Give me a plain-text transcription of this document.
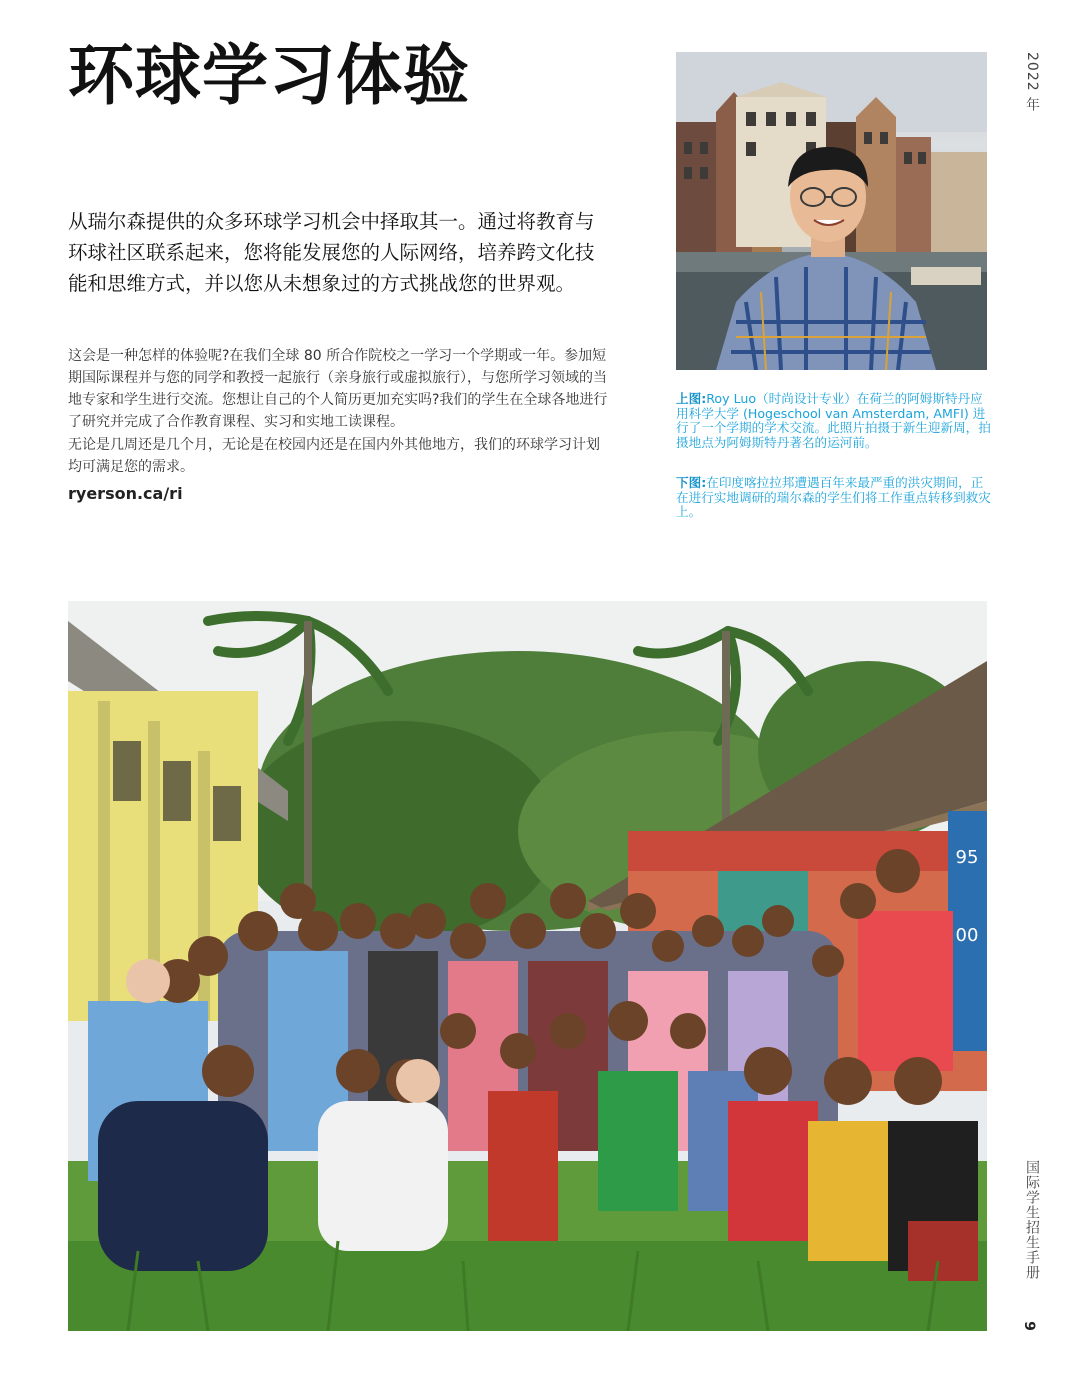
环球学习体验

从瑞尔森提供的众多环球学习机会中择取其一。通过将教育与环球社区联系起来，您将能发展您的人际网络，培养跨文化技能和思维方式，并以您从未想象过的方式挑战您的世界观。

这会是一种怎样的体验呢?在我们全球 80 所合作院校之一学习一个学期或一年。参加短期国际课程并与您的同学和教授一起旅行（亲身旅行或虚拟旅行），与您所学习领域的当地专家和学生进行交流。您想让自己的个人简历更加充实吗?我们的学生在全球各地进行了研究并完成了合作教育课程、实习和实地工读课程。

无论是几周还是几个月，无论是在校园内还是在国内外其他地方，我们的环球学习计划均可满足您的需求。

ryerson.ca/ri

上图:Roy Luo（时尚设计专业）在荷兰的阿姆斯特丹应用科学大学 (Hogeschool van Amsterdam, AMFI) 进行了一个学期的学术交流。此照片拍摄于新生迎新周，拍摄地点为阿姆斯特丹著名的运河前。

下图:在印度喀拉拉邦遭遇百年来最严重的洪灾期间，正在进行实地调研的瑞尔森的学生们将工作重点转移到救灾上。

2022 年
国际学生招生手册
9
95
00
